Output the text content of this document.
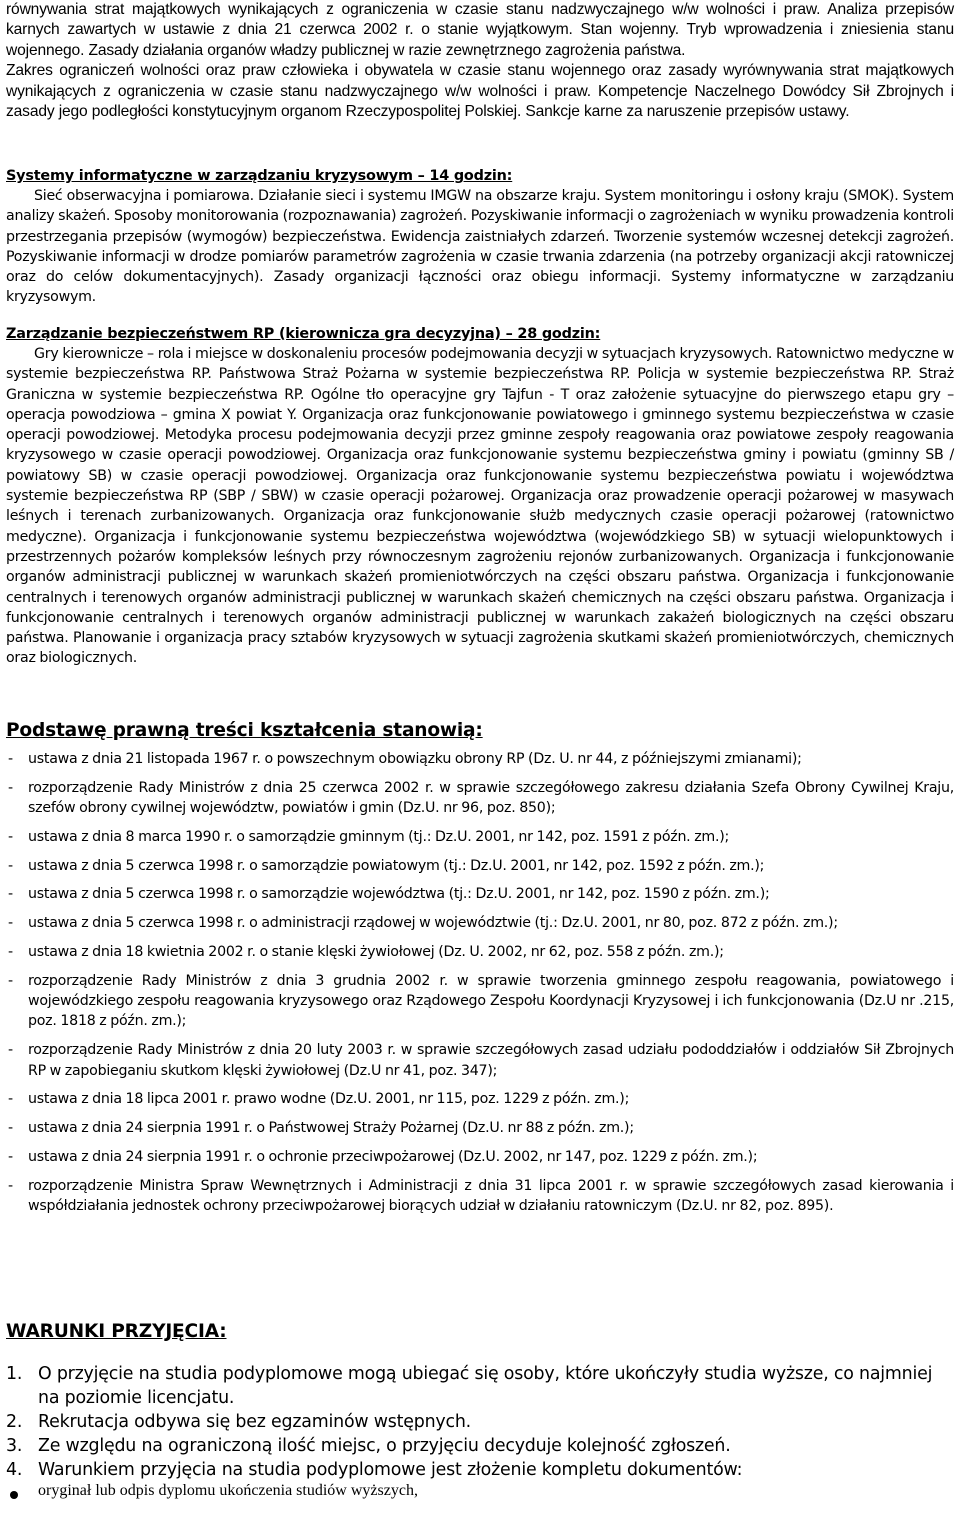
równywania strat majątkowych wynikających z ograniczenia w czasie stanu nadzwyczajnego w/w wolności i praw. Analiza przepisów karnych zawartych w ustawie z dnia 21 czerwca 2002 r. o stanie wyjątkowym. Stan wojenny. Tryb wprowadzenia i zniesienia stanu wojennego. Zasady działania organów władzy publicznej w razie zewnętrznego zagrożenia państwa.

Zakres ograniczeń wolności oraz praw człowieka i obywatela w czasie stanu wojennego oraz zasady wyrównywania strat majątkowych wynikających z ograniczenia w czasie stanu nadzwyczajnego w/w wolności i praw. Kompetencje Naczelnego Dowódcy Sił Zbrojnych i zasady jego podległości konstytucyjnym organom Rzeczypospolitej Polskiej. Sankcje karne za naruszenie przepisów ustawy.

Systemy informatyczne w zarządzaniu kryzysowym – 14 godzin:

Sieć obserwacyjna i pomiarowa. Działanie sieci i systemu IMGW na obszarze kraju. System monitoringu i osłony kraju (SMOK). System analizy skażeń. Sposoby monitorowania (rozpoznawania) zagrożeń. Pozyskiwanie informacji o zagrożeniach w wyniku prowadzenia kontroli przestrzegania przepisów (wymogów) bezpieczeństwa. Ewidencja zaistniałych zdarzeń. Tworzenie systemów wczesnej detekcji zagrożeń. Pozyskiwanie informacji w drodze pomiarów parametrów zagrożenia w czasie trwania zdarzenia (na potrzeby organizacji akcji ratowniczej oraz do celów dokumentacyjnych). Zasady organizacji łączności oraz obiegu informacji. Systemy informatyczne w zarządzaniu kryzysowym.

Zarządzanie bezpieczeństwem RP (kierownicza gra decyzyjna) – 28 godzin:

Gry kierownicze – rola i miejsce w doskonaleniu procesów podejmowania decyzji w sytuacjach kryzysowych. Ratownictwo medyczne w systemie bezpieczeństwa RP. Państwowa Straż Pożarna w systemie bezpieczeństwa RP. Policja w systemie bezpieczeństwa RP. Straż Graniczna w systemie bezpieczeństwa RP. Ogólne tło operacyjne gry Tajfun - T oraz założenie sytuacyjne do pierwszego etapu gry – operacja powodziowa – gmina X powiat Y. Organizacja oraz funkcjonowanie powiatowego i gminnego systemu bezpieczeństwa w czasie operacji powodziowej. Metodyka procesu podejmowania decyzji przez gminne zespoły reagowania oraz powiatowe zespoły reagowania kryzysowego w czasie operacji powodziowej. Organizacja oraz funkcjonowanie systemu bezpieczeństwa gminy i powiatu (gminny SB / powiatowy SB) w czasie operacji powodziowej. Organizacja oraz funkcjonowanie systemu bezpieczeństwa powiatu i województwa systemie bezpieczeństwa RP (SBP / SBW) w czasie operacji pożarowej. Organizacja oraz prowadzenie operacji pożarowej w masywach leśnych i terenach zurbanizowanych. Organizacja oraz funkcjonowanie służb medycznych czasie operacji pożarowej (ratownictwo medyczne). Organizacja i funkcjonowanie systemu bezpieczeństwa województwa (wojewódzkiego SB) w sytuacji wielopunktowych i przestrzennych pożarów kompleksów leśnych przy równoczesnym zagrożeniu rejonów zurbanizowanych. Organizacja i funkcjonowanie organów administracji publicznej w warunkach skażeń promieniotwórczych na części obszaru państwa. Organizacja i funkcjonowanie centralnych i terenowych organów administracji publicznej w warunkach skażeń chemicznych na części obszaru państwa. Organizacja i funkcjonowanie centralnych i terenowych organów administracji publicznej w warunkach zakażeń biologicznych na części obszaru państwa. Planowanie i organizacja pracy sztabów kryzysowych w sytuacji zagrożenia skutkami skażeń promieniotwórczych, chemicznych oraz biologicznych.

Podstawę prawną treści kształcenia stanowią:
- ustawa z dnia 21 listopada 1967 r. o powszechnym obowiązku obrony RP (Dz. U. nr 44, z późniejszymi zmianami);
- rozporządzenie Rady Ministrów z dnia 25 czerwca 2002 r. w sprawie szczegółowego zakresu działania Szefa Obrony Cywilnej Kraju, szefów obrony cywilnej województw, powiatów i gmin (Dz.U. nr 96, poz. 850);
- ustawa z dnia 8 marca 1990 r. o samorządzie gminnym (tj.: Dz.U. 2001, nr 142, poz. 1591 z późn. zm.);
- ustawa z dnia 5 czerwca 1998 r. o samorządzie powiatowym (tj.: Dz.U. 2001, nr 142, poz. 1592 z późn. zm.);
- ustawa z dnia 5 czerwca 1998 r. o samorządzie województwa (tj.: Dz.U. 2001, nr 142, poz. 1590 z późn. zm.);
- ustawa z dnia 5 czerwca 1998 r. o administracji rządowej w województwie (tj.: Dz.U. 2001, nr 80, poz. 872 z późn. zm.);
- ustawa z dnia 18 kwietnia 2002 r. o stanie klęski żywiołowej (Dz. U. 2002, nr 62, poz. 558 z późn. zm.);
- rozporządzenie Rady Ministrów z dnia 3 grudnia 2002 r. w sprawie tworzenia gminnego zespołu reagowania, powiatowego i wojewódzkiego zespołu reagowania kryzysowego oraz Rządowego Zespołu Koordynacji Kryzysowej i ich funkcjonowania (Dz.U nr .215, poz. 1818 z późn. zm.);
- rozporządzenie Rady Ministrów z dnia 20 luty 2003 r. w sprawie szczegółowych zasad udziału pododdziałów i oddziałów Sił Zbrojnych RP w zapobieganiu skutkom klęski żywiołowej (Dz.U nr 41, poz. 347);
- ustawa z dnia 18 lipca 2001 r. prawo wodne (Dz.U. 2001, nr 115, poz. 1229 z późn. zm.);
- ustawa z dnia 24 sierpnia 1991 r. o Państwowej Straży Pożarnej (Dz.U. nr 88 z późn. zm.);
- ustawa z dnia 24 sierpnia 1991 r. o ochronie przeciwpożarowej (Dz.U. 2002, nr 147, poz. 1229 z późn. zm.);
- rozporządzenie Ministra Spraw Wewnętrznych i Administracji z dnia 31 lipca 2001 r. w sprawie szczegółowych zasad kierowania i współdziałania jednostek ochrony przeciwpożarowej biorących udział w działaniu ratowniczym (Dz.U. nr 82, poz. 895).
WARUNKI PRZYJĘCIA:
1. O przyjęcie na studia podyplomowe mogą ubiegać się osoby, które ukończyły studia wyższe, co najmniej na poziomie licencjatu.
2. Rekrutacja odbywa się bez egzaminów wstępnych.
3. Ze względu na ograniczoną ilość miejsc, o przyjęciu decyduje kolejność zgłoszeń.
4. Warunkiem przyjęcia na studia podyplomowe jest złożenie kompletu dokumentów:
oryginał lub odpis dyplomu ukończenia studiów wyższych,
